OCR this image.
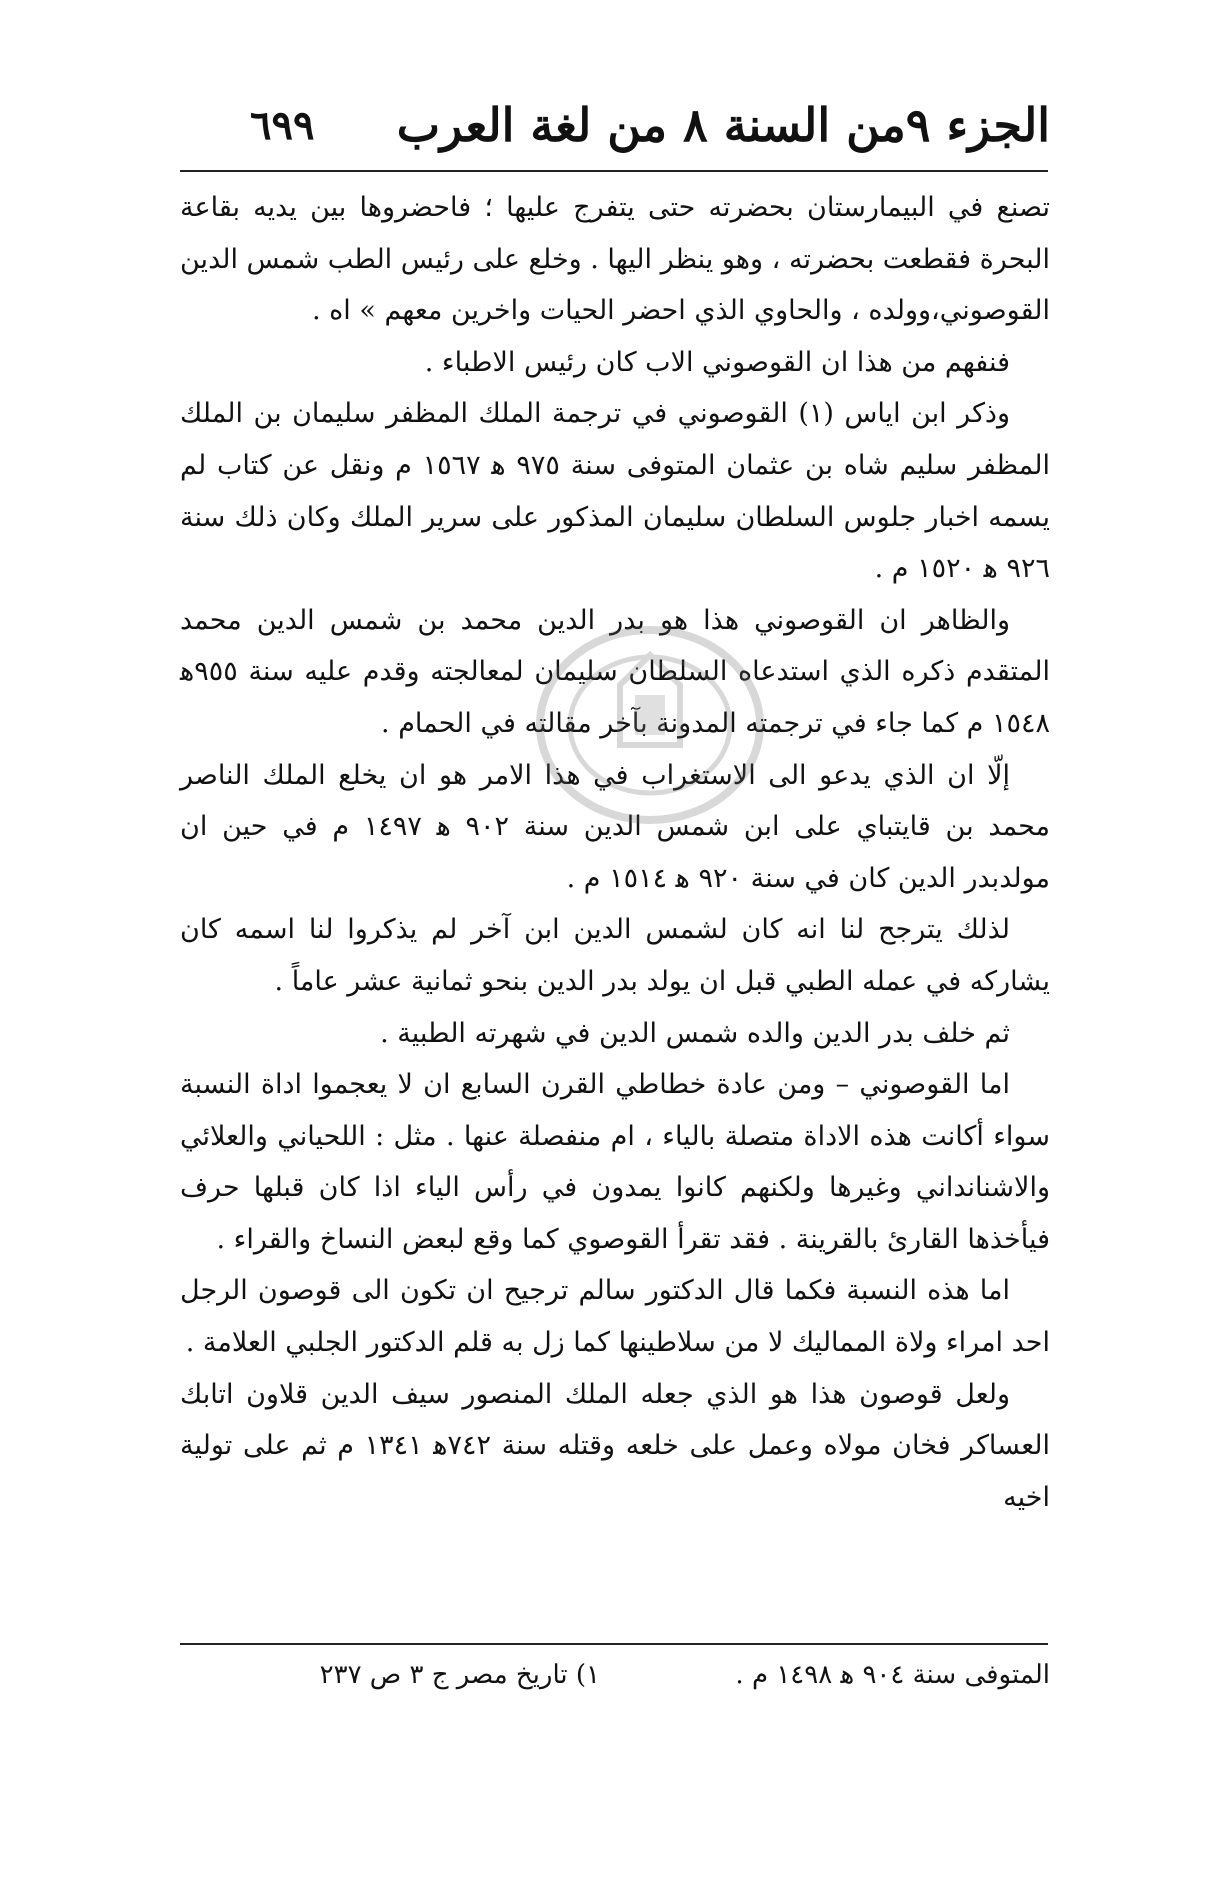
الجزء ٩من السنة ٨ من لغة العرب
٦٩٩

تصنع في البيمارستان بحضرته حتى يتفرج عليها ؛ فاحضروها بين يديه بقاعة البحرة فقطعت بحضرته ، وهو ينظر اليها . وخلع على رئيس الطب شمس الدين القوصوني،وولده ، والحاوي الذي احضر الحيات واخرين معهم » اه .

فنفهم من هذا ان القوصوني الاب كان رئيس الاطباء .

وذكر ابن اياس (١) القوصوني في ترجمة الملك المظفر سليمان بن الملك المظفر سليم شاه بن عثمان المتوفى سنة ٩٧٥ ﻫ ١٥٦٧ م ونقل عن كتاب لم يسمه اخبار جلوس السلطان سليمان المذكور على سرير الملك وكان ذلك سنة ٩٢٦ ﻫ ١٥٢٠ م .

والظاهر ان القوصوني هذا هو بدر الدين محمد بن شمس الدين محمد المتقدم ذكره الذي استدعاه السلطان سليمان لمعالجته وقدم عليه سنة ٩٥٥ﻫ ١٥٤٨ م كما جاء في ترجمته المدونة بآخر مقالته في الحمام .

إلّا ان الذي يدعو الى الاستغراب في هذا الامر هو ان يخلع الملك الناصر محمد بن قايتباي على ابن شمس الدين سنة ٩٠٢ ﻫ ١٤٩٧ م في حين ان مولدبدر الدين كان في سنة ٩٢٠ ﻫ ١٥١٤ م .

لذلك يترجح لنا انه كان لشمس الدين ابن آخر لم يذكروا لنا اسمه كان يشاركه في عمله الطبي قبل ان يولد بدر الدين بنحو ثمانية عشر عاماً .

ثم خلف بدر الدين والده شمس الدين في شهرته الطبية .

اما القوصوني – ومن عادة خطاطي القرن السابع ان لا يعجموا اداة النسبة سواء أكانت هذه الاداة متصلة بالياء ، ام منفصلة عنها . مثل : اللحياني والعلائي والاشنانداني وغيرها ولكنهم كانوا يمدون في رأس الياء اذا كان قبلها حرف فيأخذها القارئ بالقرينة . فقد تقرأ القوصوي كما وقع لبعض النساخ والقراء .

اما هذه النسبة فكما قال الدكتور سالم ترجيح ان تكون الى قوصون الرجل احد امراء ولاة المماليك لا من سلاطينها كما زل به قلم الدكتور الجلبي العلامة .

ولعل قوصون هذا هو الذي جعله الملك المنصور سيف الدين قلاون اتابك العساكر فخان مولاه وعمل على خلعه وقتله سنة ٧٤٢ﻫ ١٣٤١ م ثم على تولية اخيه

المتوفى سنة ٩٠٤ ﻫ ١٤٩٨ م .
١) تاريخ مصر ج ٣ ص ٢٣٧
